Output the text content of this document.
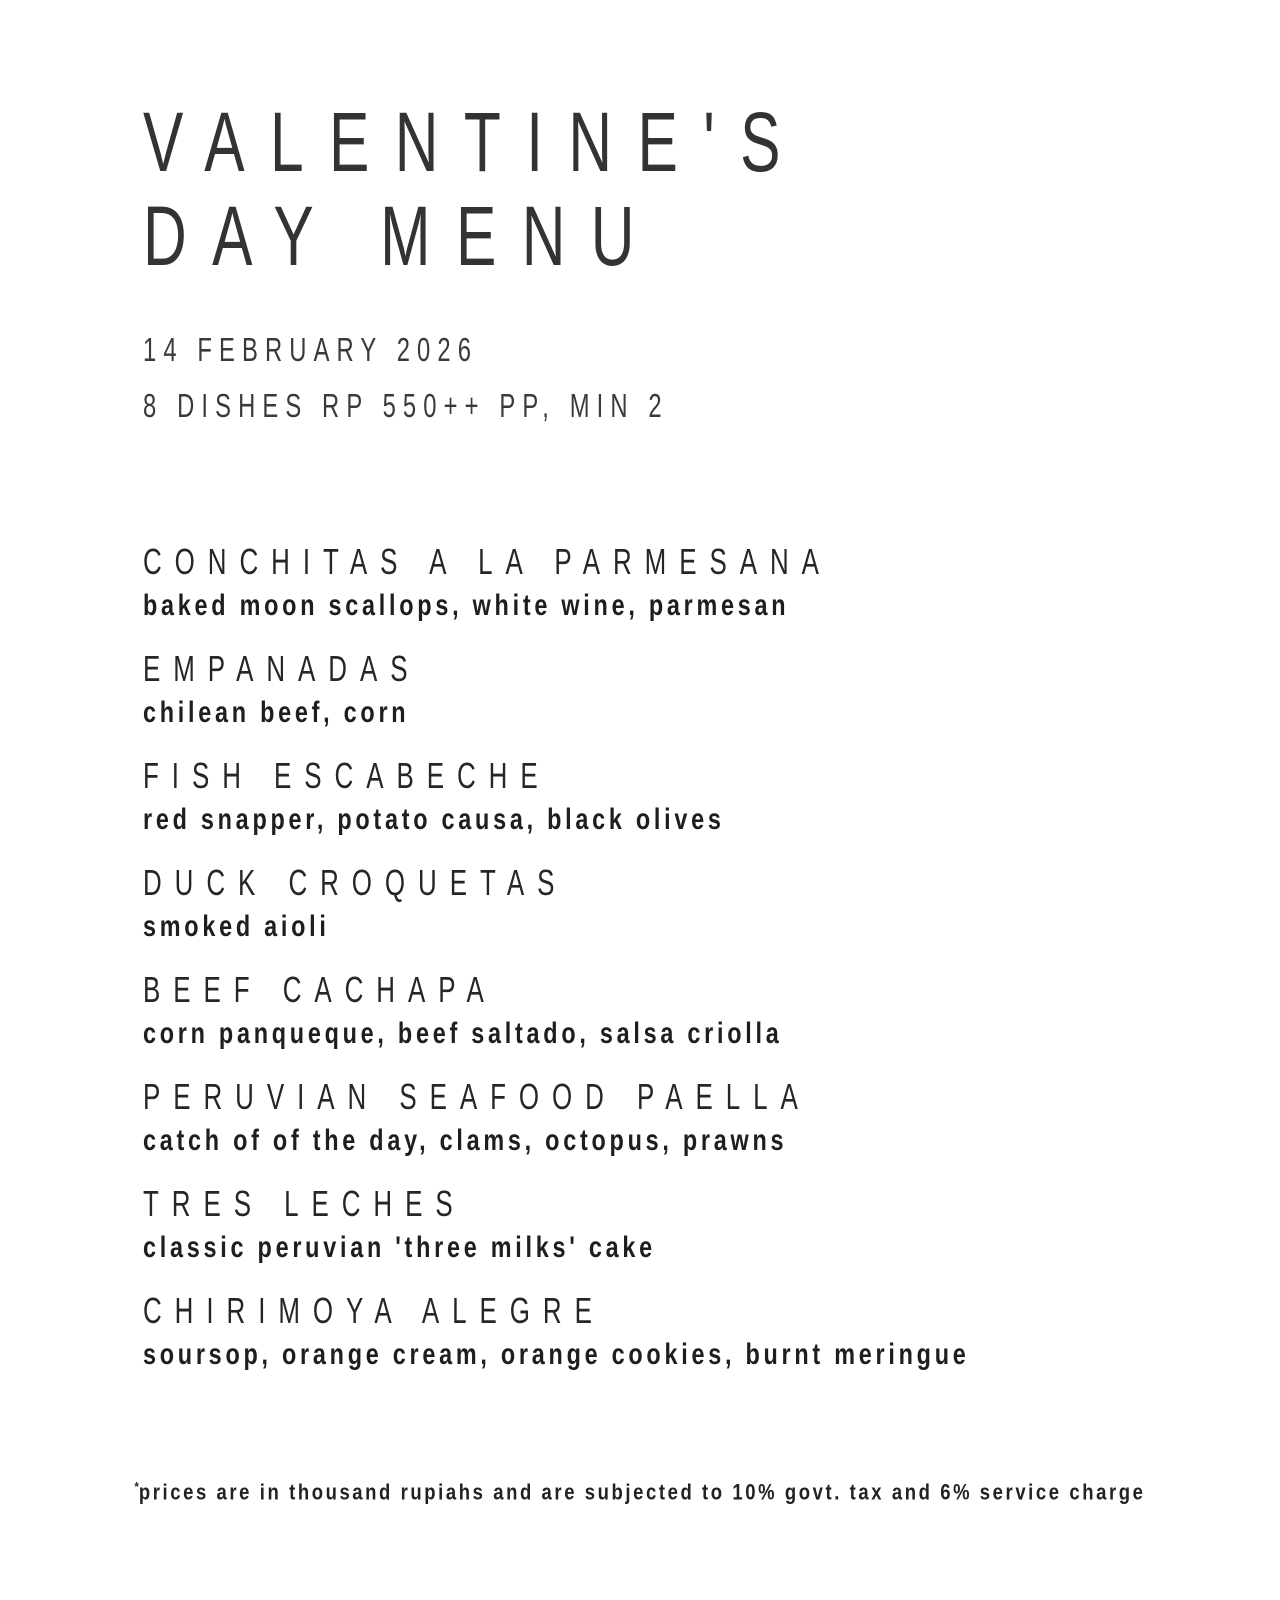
VALENTINE'S
DAY MENU
14 FEBRUARY 2026
8 DISHES RP 550++ PP, MIN 2
CONCHITAS A LA PARMESANA
baked moon scallops, white wine, parmesan
EMPANADAS
chilean beef, corn
FISH ESCABECHE
red snapper, potato causa, black olives
DUCK CROQUETAS
smoked aioli
BEEF CACHAPA
corn panqueque, beef saltado, salsa criolla
PERUVIAN SEAFOOD PAELLA
catch of of the day, clams, octopus, prawns
TRES LECHES
classic peruvian 'three milks' cake
CHIRIMOYA ALEGRE
soursop, orange cream, orange cookies, burnt meringue
*prices are in thousand rupiahs and are subjected to 10% govt. tax and 6% service charge
